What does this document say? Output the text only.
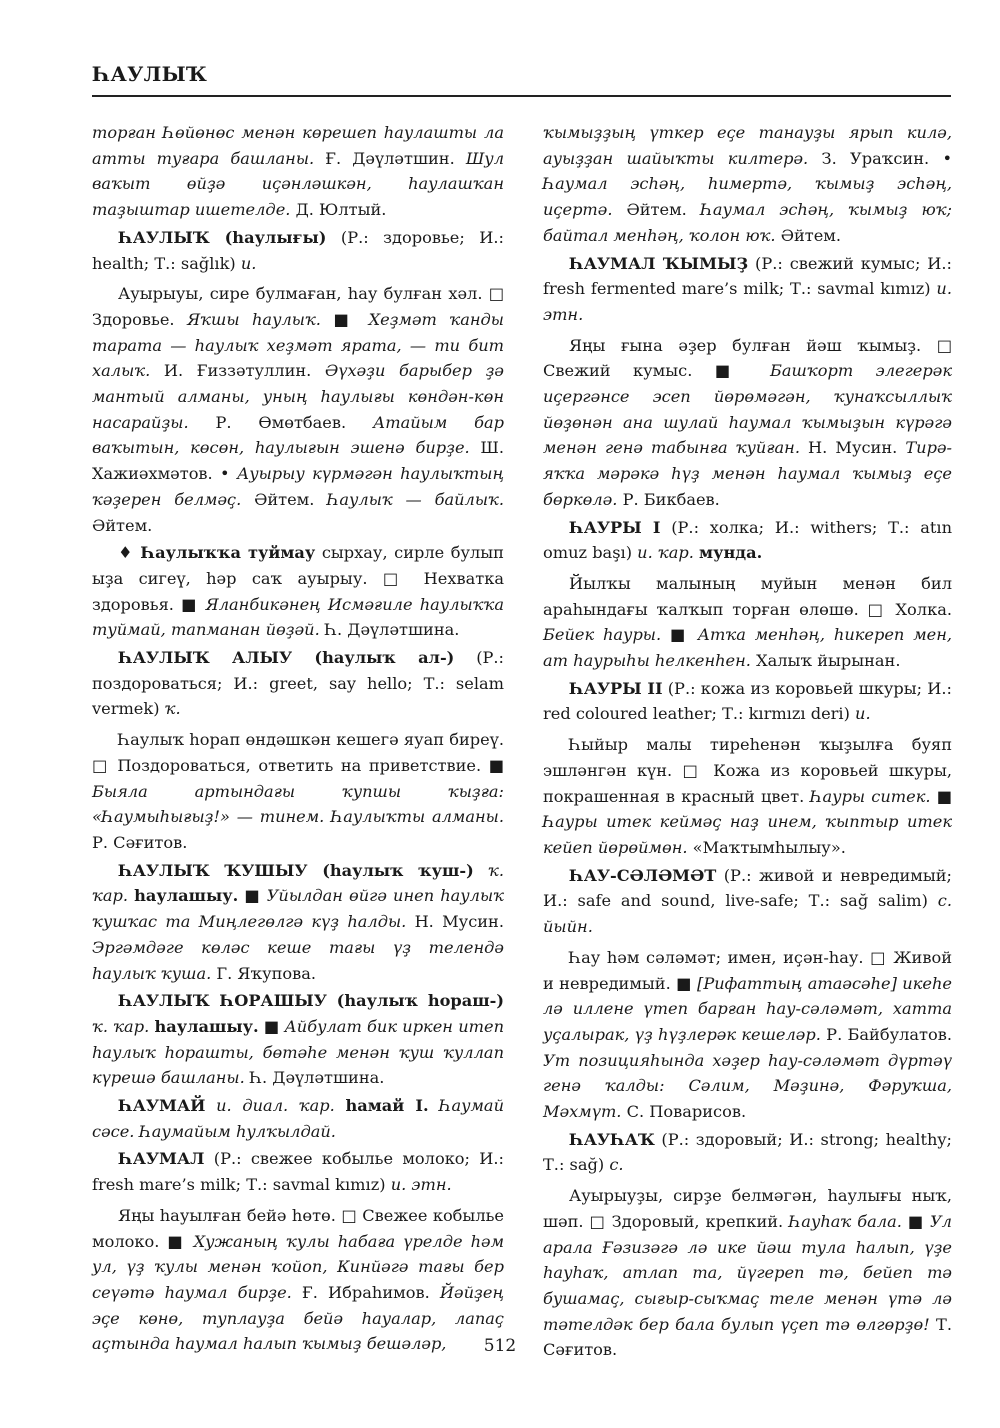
ҺАУЛЫҠ

торған Һөйөнөс менән көрешеп һаулашты ла атты туғара башланы. Ғ. Дәүләтшин. Шул ваҡыт өйҙә иҫәнләшкән, һаулашҡан таҙыштар ишетелде. Д. Юлтый.

ҺАУЛЫҠ (һаулығы) (Р.: здоровье; И.: health; Т.: sağlık) и.

Ауырыуы, сире булмаған, һау булған хәл. □ Здоровье. Яҡшы һаулыҡ. ■ Хеҙмәт ҡанды тарата — һаулыҡ хеҙмәт ярата, — ти бит халыҡ. И. Ғиззәтуллин. Әүхәҙи барыбер ҙә мантый алманы, уның һаулығы көндән-көн насарайҙы. Р. Өмөтбаев. Атайым бар ваҡытын, көсөн, һаулығын эшенә бирҙе. Ш. Хажиәхмәтов. • Ауырыу күрмәгән һаулыҡтың ҡәҙерен белмәҫ. Әйтем. Һаулыҡ — байлыҡ. Әйтем.

♦ Һаулыҡҡа туймау сырхау, сирле булып ыҙа сигеү, һәр саҡ ауырыу. □ Нехватка здоровья. ■ Яланбикәнең Исмәғиле һаулыҡҡа туймай, тапманан йөҙәй. Һ. Дәүләтшина.

ҺАУЛЫҠ АЛЫУ (һаулыҡ ал-) (Р.: поздороваться; И.: greet, say hello; Т.: selam vermek) ҡ.

Һаулыҡ һорап өндәшкән кешегә яуап биреү. □ Поздороваться, ответить на приветствие. ■ Быяла артындағы ҡупшы ҡыҙға: «Һаумыһығыҙ!» — тинем. Һаулыҡты алманы. Р. Сәғитов.

ҺАУЛЫҠ ҠУШЫУ (һаулыҡ ҡуш-) ҡ. ҡар. һаулашыу. ■ Уйылдан өйгә инеп һаулыҡ ҡушҡас та Миңлегөлгә күҙ һалды. Н. Мусин. Эргәмдәге көләс кеше тағы үҙ телендә һаулыҡ ҡуша. Г. Яҡупова.

ҺАУЛЫҠ ҺОРАШЫУ (һаулыҡ һораш-) ҡ. ҡар. һаулашыу. ■ Айбулат бик иркен итеп һаулыҡ һорашты, бөтәһе менән ҡуш ҡуллап күрешә башланы. Һ. Дәүләтшина.

ҺАУМАЙ и. диал. ҡар. һамай I. Һаумай сәсе. Һаумайым һулҡылдай.

ҺАУМАЛ (Р.: свежее кобылье молоко; И.: fresh mare’s milk; Т.: savmal kımız) и. этн.

Яңы һауылған бейә һөтө. □ Свежее кобылье молоко. ■ Хужаның ҡулы һабаға үрелде һәм ул, үҙ ҡулы менән ҡойоп, Кинйәгә тағы бер сеүәтә һаумал бирҙе. Ғ. Ибраһимов. Йәйҙең эҫе көнө, туплауҙа бейә һауалар, лапаҫ аҫтында һаумал һалып ҡымыҙ бешәләр,

ҡымыҙҙың үткер еҫе танауҙы ярып килә, ауыҙҙан шайыҡты килтерә. З. Ураҡсин. • Һаумал эсһәң, һимертә, ҡымыҙ эсһәң, иҫертә. Әйтем. Һаумал эсһәң, ҡымыҙ юҡ; байтал менһәң, ҡолон юҡ. Әйтем.

ҺАУМАЛ ҠЫМЫҘ (Р.: свежий кумыс; И.: fresh fermented mare’s milk; Т.: savmal kımız) и. этн.

Яңы ғына әҙер булған йәш ҡымыҙ. □ Свежий кумыс. ■ Башҡорт элегерәк иҫергәнсе эсеп йөрөмәгән, ҡунаҡсыллыҡ йөҙөнән ана шулай һаумал ҡымыҙын күрәгә менән генә табынға ҡуйған. Н. Мусин. Тирә-яҡҡа мәрәкә һүҙ менән һаумал ҡымыҙ еҫе бөркөлә. Р. Бикбаев.

ҺАУРЫ I (Р.: холка; И.: withers; Т.: atın omuz başı) и. ҡар. мунда.

Йылҡы малының муйын менән бил араһындағы ҡалҡып торған өлөшө. □ Холка. Бейек һауры. ■ Атҡа менһәң, һикереп мен, ат һаурыһы һелкенһен. Халыҡ йырынан.

ҺАУРЫ II (Р.: кожа из коровьей шкуры; И.: red coloured leather; Т.: kırmızı deri) и.

Һыйыр малы тиреһенән ҡыҙылға буяп эшләнгән күн. □ Кожа из коровьей шкуры, покрашенная в красный цвет. Һауры ситек. ■ Һауры итек кеймәҫ наҙ инем, ҡыптыр итек кейеп йөрөймөн. «Маҡтымһылыу».

ҺАУ-СӘЛӘМӘТ (Р.: живой и невредимый; И.: safe and sound, live-safe; Т.: sağ salim) с. йыйн.

Һау һәм сәләмәт; имен, иҫән-һау. □ Живой и невредимый. ■ [Рифаттың атаәсәһе] икеһе лә иллене үтеп барған һау-сәләмәт, хатта уҫалырак, үҙ һүҙлерәк кешеләр. Р. Байбулатов. Ут позицияһында хәҙер һау-сәләмәт дүртәү генә ҡалды: Сәлим, Мәҙинә, Фәруҡша, Мәхмүт. С. Поварисов.

ҺАУҺАҠ (Р.: здоровый; И.: strong; healthy; Т.: sağ) с.

Ауырыуҙы, сирҙе белмәгән, һаулығы ныҡ, шәп. □ Здоровый, крепкий. Һауһаҡ бала. ■ Ул арала Ғәзизәгә лә ике йәш тула һалып, үҙе һауһаҡ, атлап та, йүгереп тә, бейеп тә бушамаҫ, сығыр-сыҡмаҫ теле менән үтә лә тәтелдәк бер бала булып үҫеп тә өлгөрҙө! Т. Сәғитов.

512
